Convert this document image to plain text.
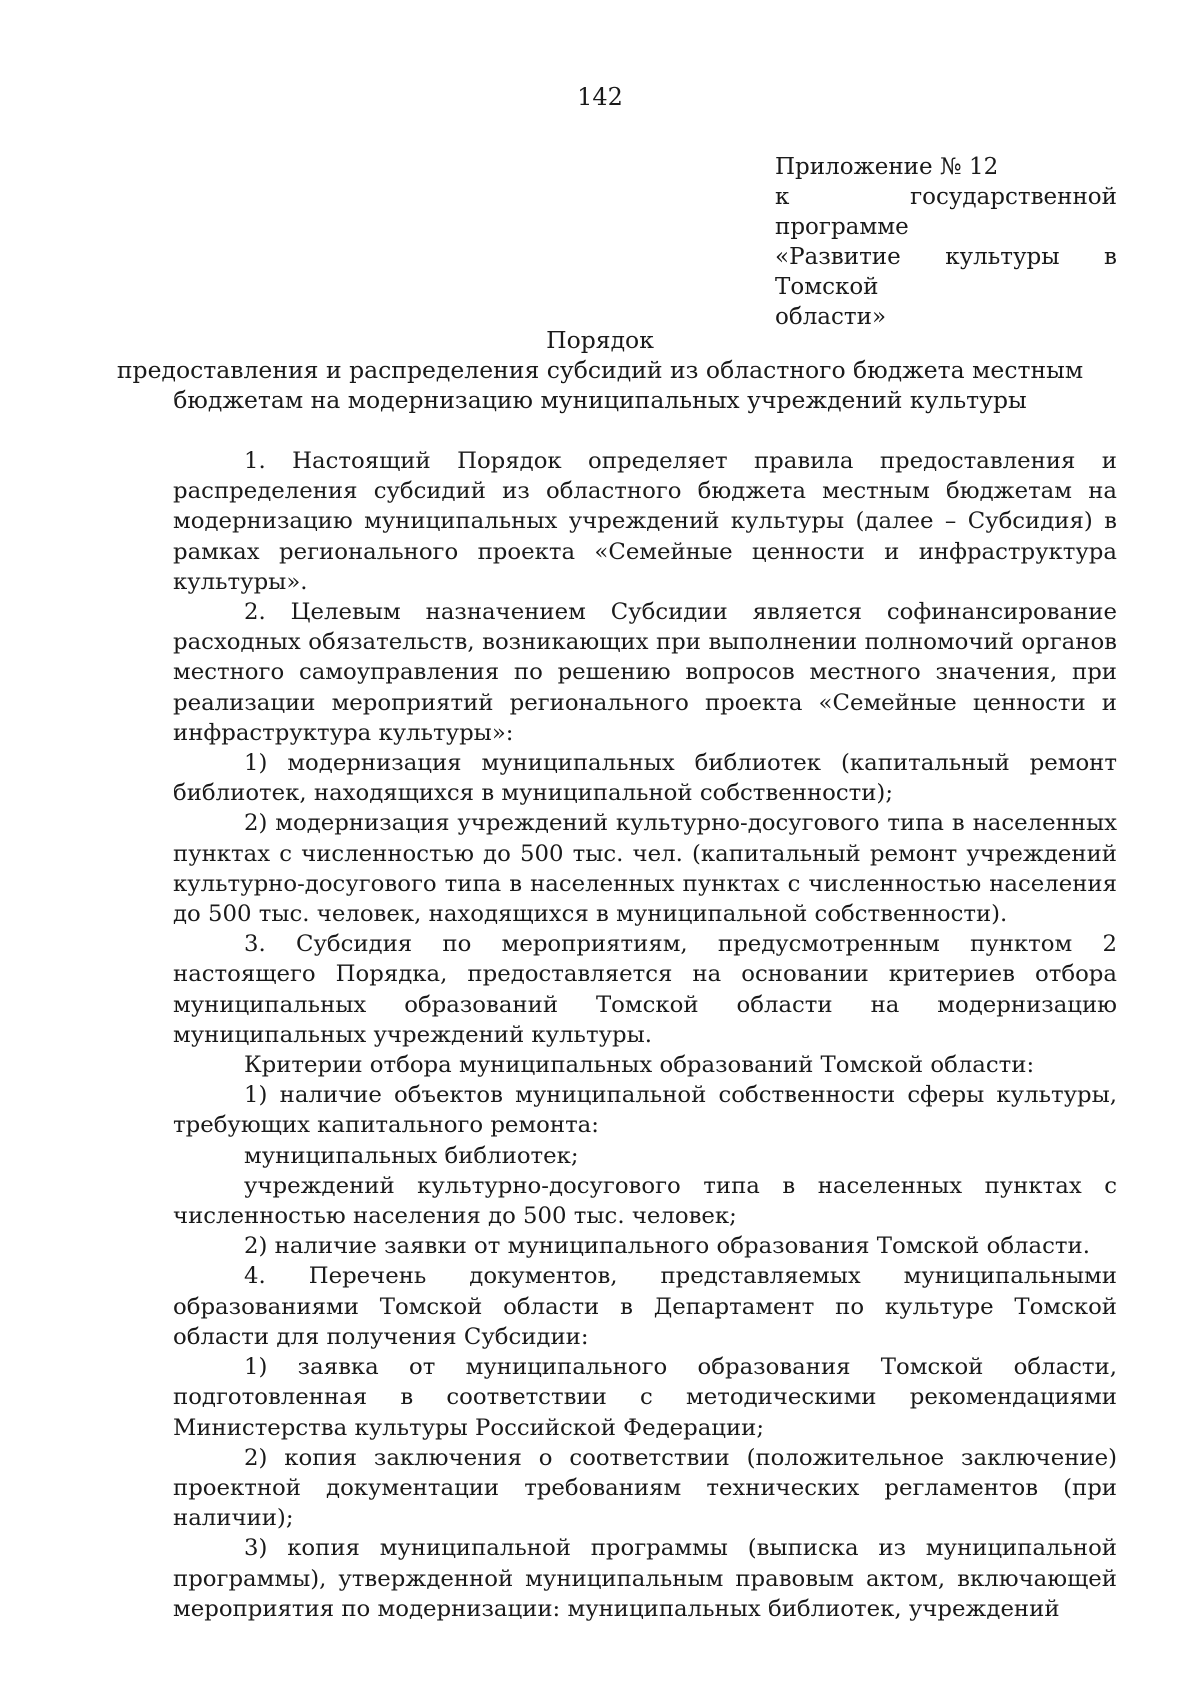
142
Приложение № 12
к государственной программе
«Развитие культуры в Томской
области»
Порядок
предоставления и распределения субсидий из областного бюджета местным
бюджетам на модернизацию муниципальных учреждений культуры

1. Настоящий Порядок определяет правила предоставления и распределения субсидий из областного бюджета местным бюджетам на модернизацию муниципальных учреждений культуры (далее – Субсидия) в рамках регионального проекта «Семейные ценности и инфраструктура культуры».

2. Целевым назначением Субсидии является софинансирование расходных обязательств, возникающих при выполнении полномочий органов местного самоуправления по решению вопросов местного значения, при реализации мероприятий регионального проекта «Семейные ценности и инфраструктура культуры»:

1) модернизация муниципальных библиотек (капитальный ремонт библиотек, находящихся в муниципальной собственности);

2) модернизация учреждений культурно-досугового типа в населенных пунктах с численностью до 500 тыс. чел. (капитальный ремонт учреждений культурно-досугового типа в населенных пунктах с численностью населения до 500 тыс. человек, находящихся в муниципальной собственности).

3. Субсидия по мероприятиям, предусмотренным пунктом 2 настоящего Порядка, предоставляется на основании критериев отбора муниципальных образований Томской области на модернизацию муниципальных учреждений культуры.

Критерии отбора муниципальных образований Томской области:

1) наличие объектов муниципальной собственности сферы культуры, требующих капитального ремонта:

муниципальных библиотек;

учреждений культурно-досугового типа в населенных пунктах с численностью населения до 500 тыс. человек;

2) наличие заявки от муниципального образования Томской области.

4. Перечень документов, представляемых муниципальными образованиями Томской области в Департамент по культуре Томской области для получения Субсидии:

1) заявка от муниципального образования Томской области, подготовленная в соответствии с методическими рекомендациями Министерства культуры Российской Федерации;

2) копия заключения о соответствии (положительное заключение) проектной документации требованиям технических регламентов (при наличии);

3) копия муниципальной программы (выписка из муниципальной программы), утвержденной муниципальным правовым актом, включающей мероприятия по модернизации: муниципальных библиотек, учреждений
